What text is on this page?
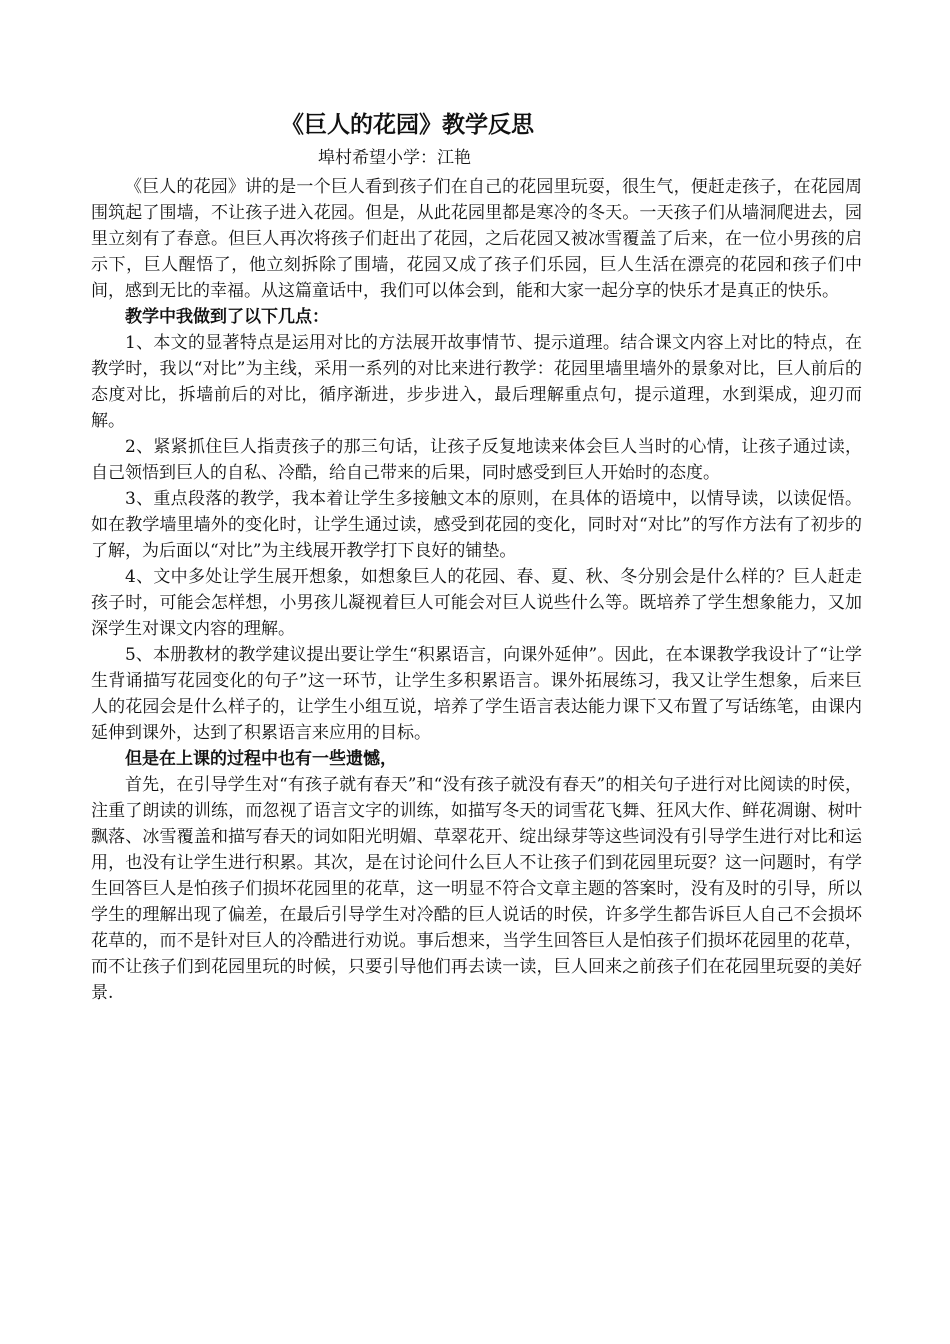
《巨人的花园》教学反思

埠村希望小学：江艳

《巨人的花园》讲的是一个巨人看到孩子们在自己的花园里玩耍，很生气，便赶走孩子，在花园周围筑起了围墙，不让孩子进入花园。但是，从此花园里都是寒冷的冬天。一天孩子们从墙洞爬进去，园里立刻有了春意。但巨人再次将孩子们赶出了花园，之后花园又被冰雪覆盖了后来，在一位小男孩的启示下，巨人醒悟了，他立刻拆除了围墙，花园又成了孩子们乐园，巨人生活在漂亮的花园和孩子们中间，感到无比的幸福。从这篇童话中，我们可以体会到，能和大家一起分享的快乐才是真正的快乐。

教学中我做到了以下几点：

1、本文的显著特点是运用对比的方法展开故事情节、提示道理。结合课文内容上对比的特点，在教学时，我以“对比”为主线，采用一系列的对比来进行教学：花园里墙里墙外的景象对比，巨人前后的态度对比，拆墙前后的对比，循序渐进，步步进入，最后理解重点句，提示道理，水到渠成，迎刃而解。

2、紧紧抓住巨人指责孩子的那三句话，让孩子反复地读来体会巨人当时的心情，让孩子通过读，自己领悟到巨人的自私、冷酷，给自己带来的后果，同时感受到巨人开始时的态度。

3、重点段落的教学，我本着让学生多接触文本的原则，在具体的语境中，以情导读，以读促悟。如在教学墙里墙外的变化时，让学生通过读，感受到花园的变化，同时对“对比”的写作方法有了初步的了解，为后面以“对比”为主线展开教学打下良好的铺垫。

4、文中多处让学生展开想象，如想象巨人的花园、春、夏、秋、冬分别会是什么样的？巨人赶走孩子时，可能会怎样想，小男孩儿凝视着巨人可能会对巨人说些什么等。既培养了学生想象能力，又加深学生对课文内容的理解。

5、本册教材的教学建议提出要让学生“积累语言，向课外延伸”。因此，在本课教学我设计了“让学生背诵描写花园变化的句子”这一环节，让学生多积累语言。课外拓展练习，我又让学生想象，后来巨人的花园会是什么样子的，让学生小组互说，培养了学生语言表达能力课下又布置了写话练笔，由课内延伸到课外，达到了积累语言来应用的目标。

但是在上课的过程中也有一些遗憾，

首先，在引导学生对“有孩子就有春天”和“没有孩子就没有春天”的相关句子进行对比阅读的时侯，注重了朗读的训练，而忽视了语言文字的训练，如描写冬天的词雪花飞舞、狂风大作、鲜花凋谢、树叶飘落、冰雪覆盖和描写春天的词如阳光明媚、草翠花开、绽出绿芽等这些词没有引导学生进行对比和运用，也没有让学生进行积累。其次，是在讨论问什么巨人不让孩子们到花园里玩耍？这一问题时，有学生回答巨人是怕孩子们损坏花园里的花草，这一明显不符合文章主题的答案时，没有及时的引导，所以学生的理解出现了偏差，在最后引导学生对冷酷的巨人说话的时侯，许多学生都告诉巨人自己不会损坏花草的，而不是针对巨人的冷酷进行劝说。事后想来，当学生回答巨人是怕孩子们损坏花园里的花草，而不让孩子们到花园里玩的时候，只要引导他们再去读一读，巨人回来之前孩子们在花园里玩耍的美好景.
